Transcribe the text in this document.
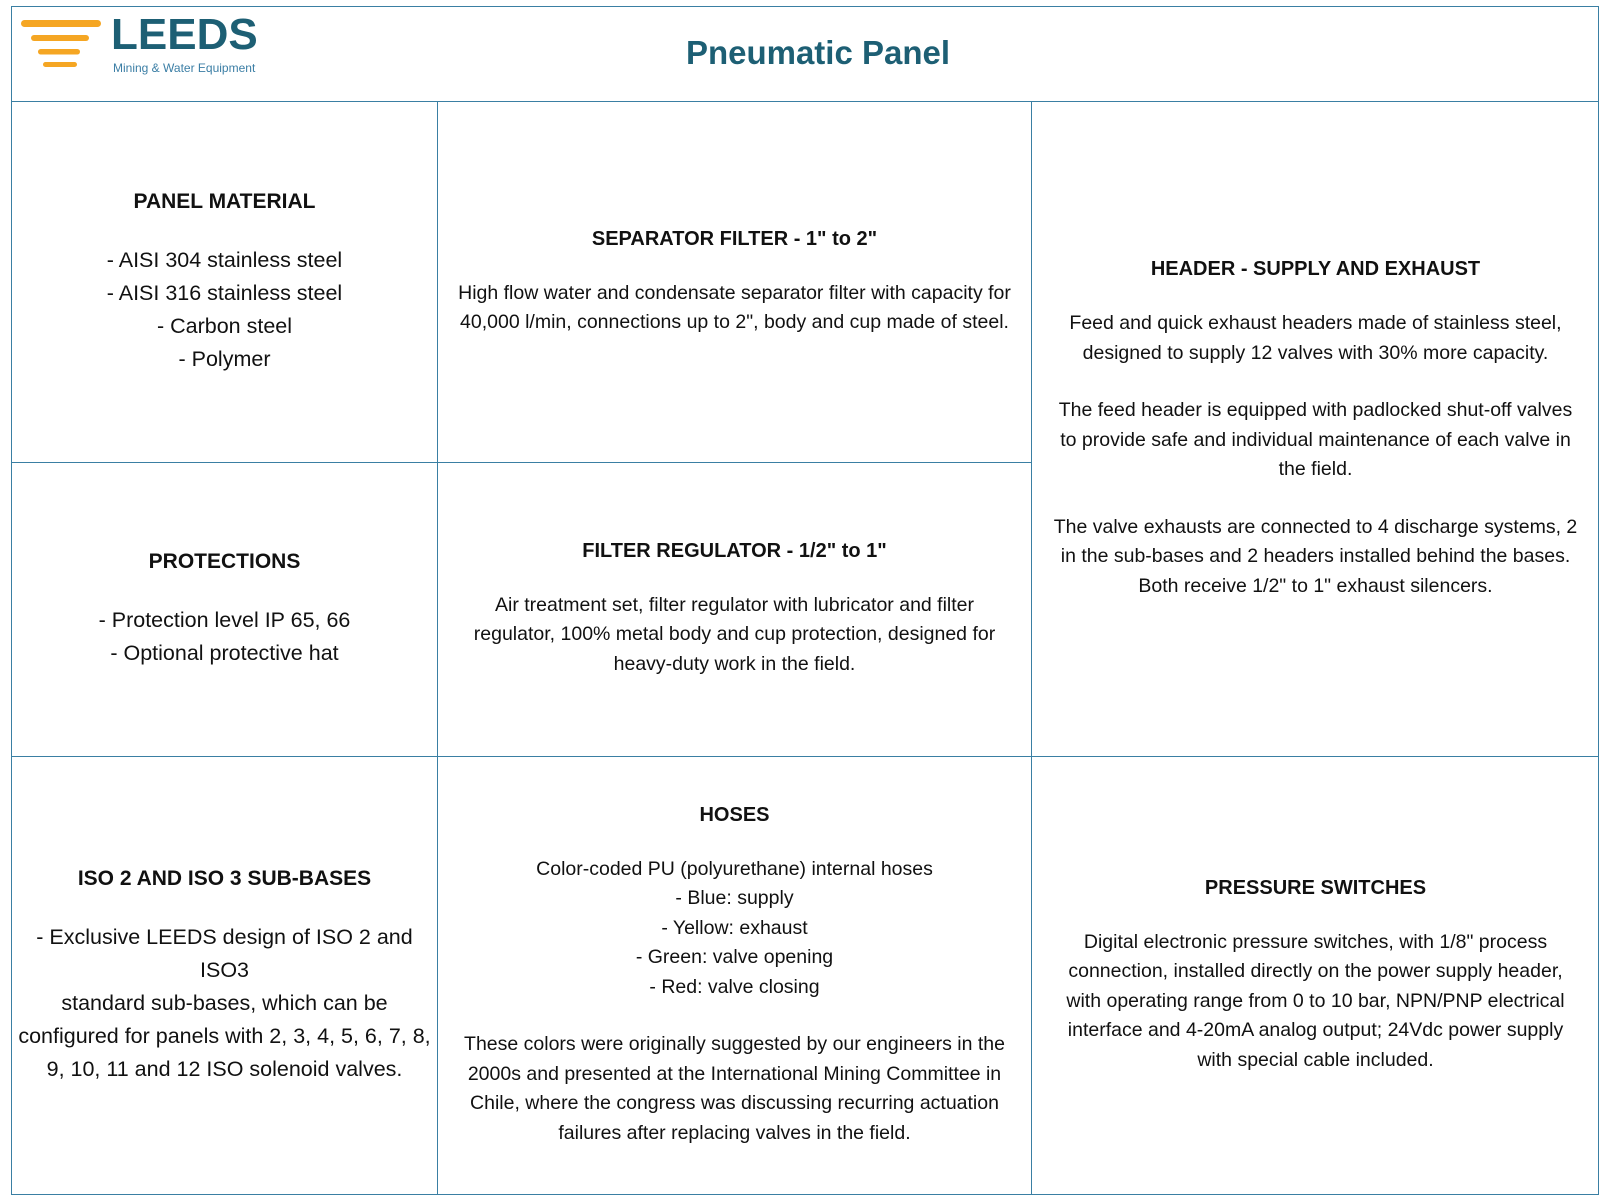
LEEDS
Mining & Water Equipment	Pneumatic Panel

PANEL MATERIAL

- AISI 304 stainless steel

- AISI 316 stainless steel

- Carbon steel

- Polymer

SEPARATOR FILTER - 1" to 2"

High flow water and condensate separator filter with capacity for

40,000 l/min, connections up to 2", body and cup made of steel.

HEADER - SUPPLY AND EXHAUST

Feed and quick exhaust headers made of stainless steel,

designed to supply 12 valves with 30% more capacity.

The feed header is equipped with padlocked shut-off valves

to provide safe and individual maintenance of each valve in

the field.

The valve exhausts are connected to 4 discharge systems, 2

in the sub-bases and 2 headers installed behind the bases.

Both receive 1/2" to 1" exhaust silencers.

PROTECTIONS

- Protection level IP 65, 66

- Optional protective hat

FILTER REGULATOR - 1/2" to 1"

Air treatment set, filter regulator with lubricator and filter

regulator, 100% metal body and cup protection, designed for

heavy-duty work in the field.

ISO 2 AND ISO 3 SUB-BASES

- Exclusive LEEDS design of ISO 2 and ISO3

standard sub-bases, which can be

configured for panels with 2, 3, 4, 5, 6, 7, 8,

9, 10, 11 and 12 ISO solenoid valves.

HOSES

Color-coded PU (polyurethane) internal hoses

- Blue: supply

- Yellow: exhaust

- Green: valve opening

- Red: valve closing

These colors were originally suggested by our engineers in the

2000s and presented at the International Mining Committee in

Chile, where the congress was discussing recurring actuation

failures after replacing valves in the field.

PRESSURE SWITCHES

Digital electronic pressure switches, with 1/8" process

connection, installed directly on the power supply header,

with operating range from 0 to 10 bar, NPN/PNP electrical

interface and 4-20mA analog output; 24Vdc power supply

with special cable included.
